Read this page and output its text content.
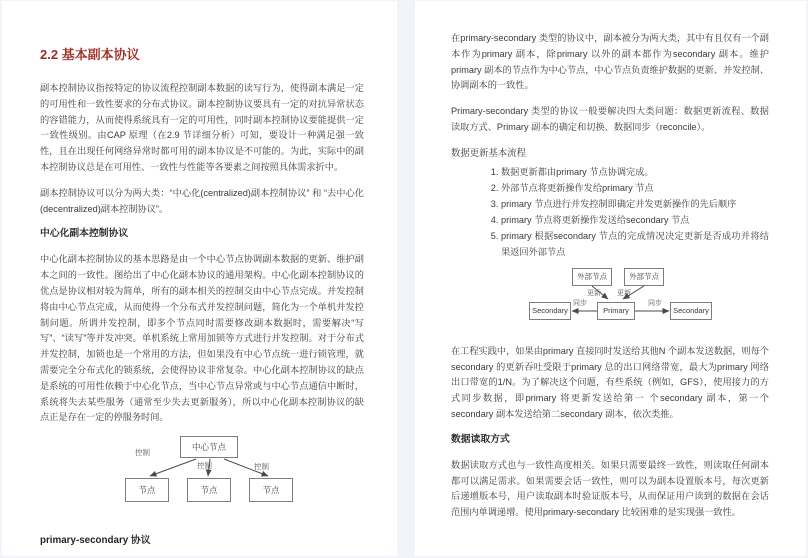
2.2 基本副本协议

副本控制协议指按特定的协议流程控制副本数据的读写行为，使得副本满足一定的可用性和一致性要求的分布式协议。副本控制协议要具有一定的对抗异常状态的容错能力，从而使得系统具有一定的可用性，同时副本控制协议要能提供一定一致性级别。由CAP 原理（在2.9 节详细分析）可知，要设计一种满足强一致性，且在出现任何网络异常时都可用的副本协议是不可能的。为此，实际中的副本控制协议总是在可用性、一致性与性能等各要素之间按照具体需求折中。

副本控制协议可以分为两大类：“中心化(centralized)副本控制协议” 和 “去中心化(decentralized)副本控制协议”。

中心化副本控制协议

中心化副本控制协议的基本思路是由一个中心节点协调副本数据的更新、维护副本之间的一致性。图给出了中心化副本协议的通用架构。中心化副本控制协议的优点是协议相对较为简单，所有的副本相关的控制交由中心节点完成。并发控制将由中心节点完成，从而使得一个分布式并发控制问题，简化为一个单机并发控制问题。所谓并发控制，即多个节点同时需要修改副本数据时，需要解决“写写”、“读写”等并发冲突。单机系统上常用加锁等方式进行并发控制。对于分布式并发控制，加锁也是一个常用的方法，但如果没有中心节点统一进行锁管理，就需要完全分布式化的锁系统，会使得协议非常复杂。中心化副本控制协议的缺点是系统的可用性依赖于中心化节点，当中心节点异常或与中心节点通信中断时，系统将失去某些服务（通常至少失去更新服务），所以中心化副本控制协议的缺点正是存在一定的停服务时间。

中心节点
控制
控制	控制
节点	节点	节点
primary-secondary 协议

在primary-secondary 类型的协议中，副本被分为两大类，其中有且仅有一个副本作为primary 副本，除primary 以外的副本都作为secondary 副本。维护primary 副本的节点作为中心节点，中心节点负责维护数据的更新、并发控制、协调副本的一致性。

Primary-secondary 类型的协议一般要解决四大类问题：数据更新流程、数据读取方式、Primary 副本的确定和切换、数据同步（reconcile）。

数据更新基本流程
1. 数据更新都由primary 节点协调完成。
2. 外部节点将更新操作发给primary 节点
3. primary 节点进行并发控制即确定并发更新操作的先后顺序
4. primary 节点将更新操作发送给secondary 节点
5. primary 根据secondary 节点的完成情况决定更新是否成功并将结果返回外部节点
外部节点	外部节点
更新 更新
同步	同步
Secondary	Primary	Secondary

在工程实践中，如果由primary 直接同时发送给其他N 个副本发送数据，则每个secondary 的更新吞吐受限于primary 总的出口网络带宽，最大为primary 网络出口带宽的1/N。为了解决这个问题，有些系统（例如，GFS），使用接力的方式同步数据，即primary 将更新发送给第一 个secondary 副本，第一个secondary 副本发送给第二secondary 副本，依次类推。

数据读取方式

数据读取方式也与一致性高度相关。如果只需要最终一致性，则读取任何副本都可以满足需求。如果需要会话一致性，则可以为副本设置版本号，每次更新后递增版本号，用户读取副本时验证版本号，从而保证用户读到的数据在会话范围内单调递增。使用primary-secondary 比较困难的是实现强一致性。
